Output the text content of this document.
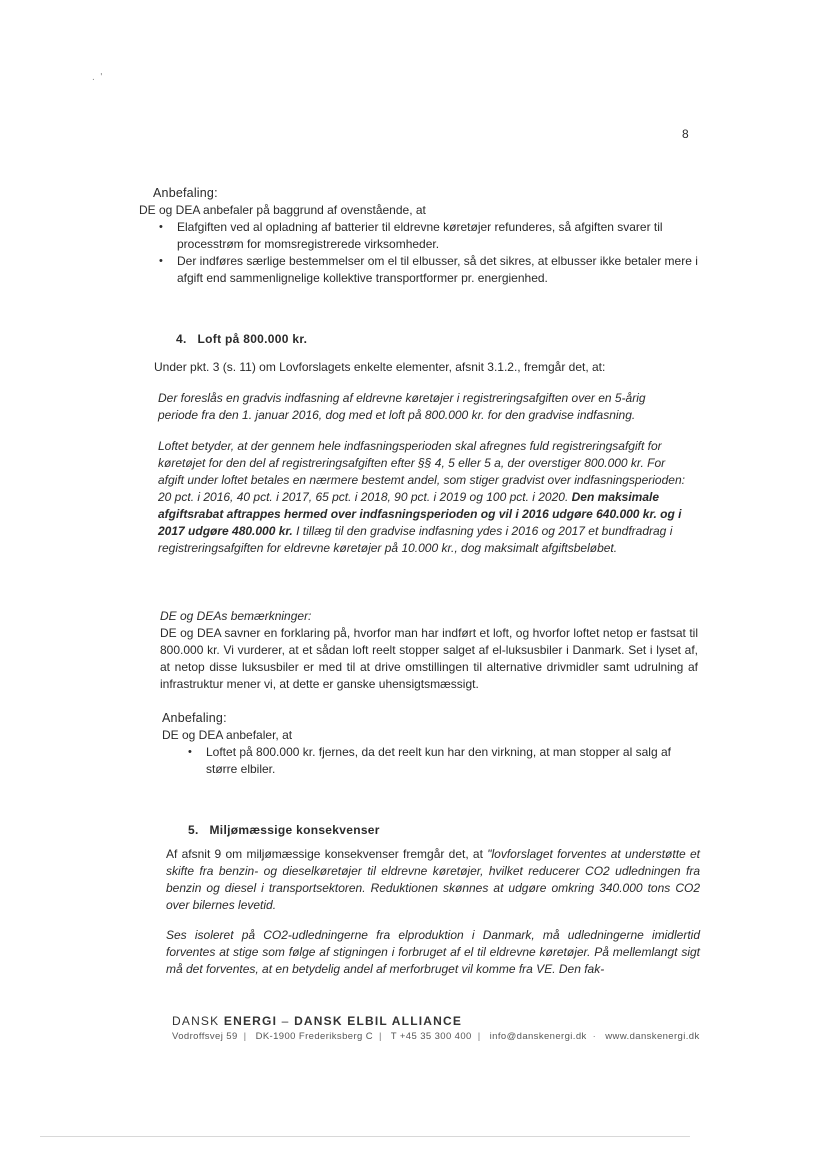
.  '
8
Anbefaling:
DE og DEA anbefaler på baggrund af ovenstående, at
• Elafgiften ved al opladning af batterier til eldrevne køretøjer refunderes, så afgiften svarer til processtrøm for momsregistrerede virksomheder.
• Der indføres særlige bestemmelser om el til elbusser, så det sikres, at elbusser ikke betaler mere i afgift end sammenlignelige kollektive transportformer pr. energienhed.
4. Loft på 800.000 kr.
Under pkt. 3 (s. 11) om Lovforslagets enkelte elementer, afsnit 3.1.2., fremgår det, at:
Der foreslås en gradvis indfasning af eldrevne køretøjer i registreringsafgiften over en 5-årig periode fra den 1. januar 2016, dog med et loft på 800.000 kr. for den gradvise indfasning.
Loftet betyder, at der gennem hele indfasningsperioden skal afregnes fuld registreringsafgift for køretøjet for den del af registreringsafgiften efter §§ 4, 5 eller 5 a, der overstiger 800.000 kr. For afgift under loftet betales en nærmere bestemt andel, som stiger gradvist over indfasningsperioden: 20 pct. i 2016, 40 pct. i 2017, 65 pct. i 2018, 90 pct. i 2019 og 100 pct. i 2020. Den maksimale afgiftsrabat aftrappes hermed over indfasningsperioden og vil i 2016 udgøre 640.000 kr. og i 2017 udgøre 480.000 kr. I tillæg til den gradvise indfasning ydes i 2016 og 2017 et bundfradrag i registreringsafgiften for eldrevne køretøjer på 10.000 kr., dog maksimalt afgiftsbeløbet.
DE og DEAs bemærkninger:
DE og DEA savner en forklaring på, hvorfor man har indført et loft, og hvorfor loftet netop er fastsat til 800.000 kr. Vi vurderer, at et sådan loft reelt stopper salget af el-luksusbiler i Danmark. Set i lyset af, at netop disse luksusbiler er med til at drive omstillingen til alternative drivmidler samt udrulning af infrastruktur mener vi, at dette er ganske uhensigtsmæssigt.
Anbefaling:
DE og DEA anbefaler, at
• Loftet på 800.000 kr. fjernes, da det reelt kun har den virkning, at man stopper al salg af større elbiler.
5. Miljømæssige konsekvenser
Af afsnit 9 om miljømæssige konsekvenser fremgår det, at "lovforslaget forventes at understøtte et skifte fra benzin- og dieselkøretøjer til eldrevne køretøjer, hvilket reducerer CO2 udledningen fra benzin og diesel i transportsektoren. Reduktionen skønnes at udgøre omkring 340.000 tons CO2 over bilernes levetid.
Ses isoleret på CO2-udledningerne fra elproduktion i Danmark, må udledningerne imidlertid forventes at stige som følge af stigningen i forbruget af el til eldrevne køretøjer. På mellemlangt sigt må det forventes, at en betydelig andel af merforbruget vil komme fra VE. Den fak-
DANSK ENERGI – DANSK ELBIL ALLIANCE
Vodroffsvej 59 | DK-1900 Frederiksberg C | T +45 35 300 400 | info@danskenergi.dk · www.danskenergi.dk
